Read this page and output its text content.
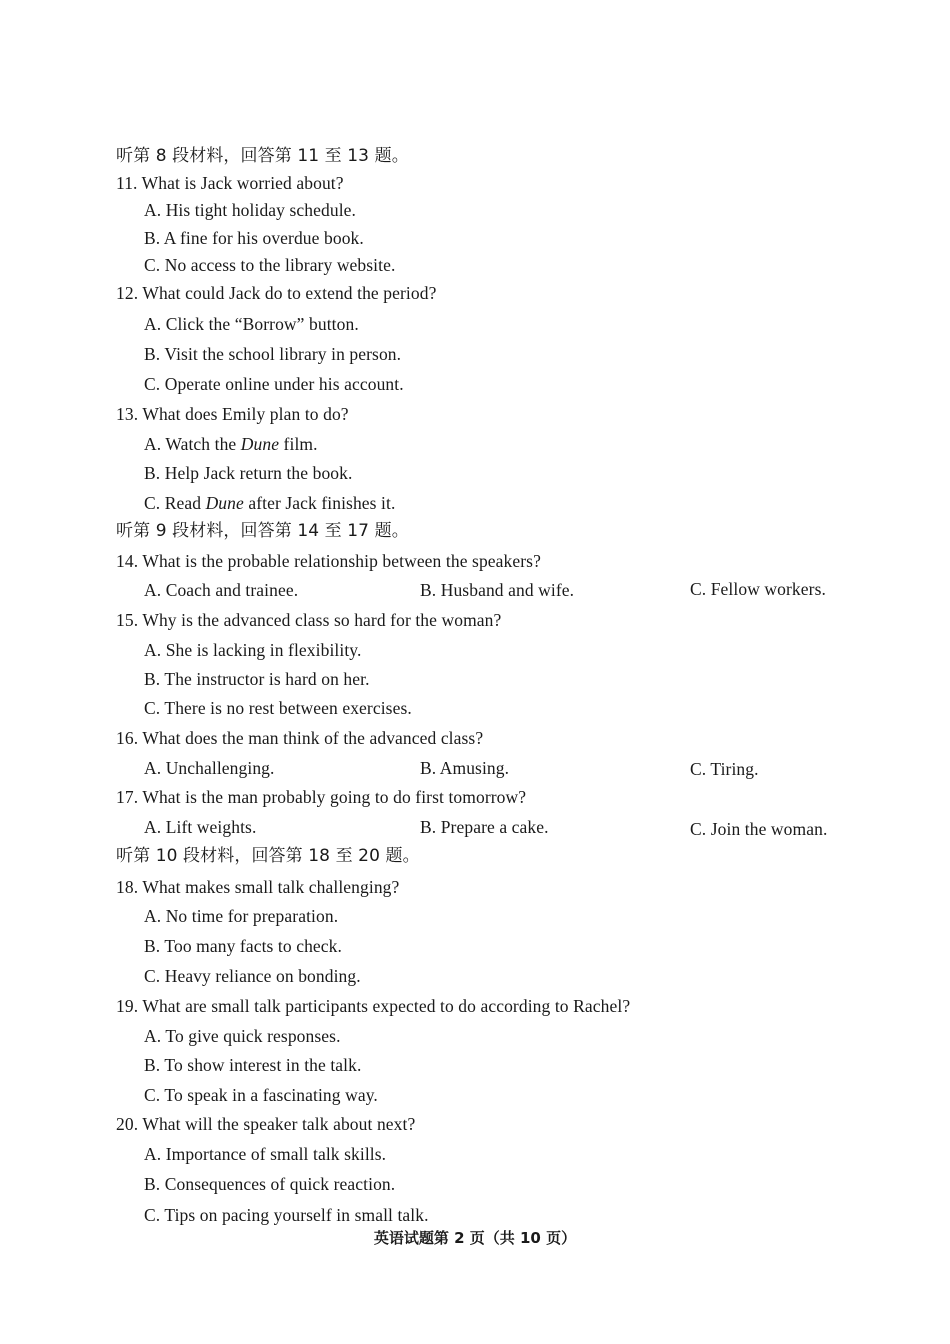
听第 8 段材料，回答第 11 至 13 题。
11. What is Jack worried about?
A. His tight holiday schedule.
B. A fine for his overdue book.
C. No access to the library website.
12. What could Jack do to extend the period?
A. Click the “Borrow” button.
B. Visit the school library in person.
C. Operate online under his account.
13. What does Emily plan to do?
A. Watch the Dune film.
B. Help Jack return the book.
C. Read Dune after Jack finishes it.
听第 9 段材料，回答第 14 至 17 题。
14. What is the probable relationship between the speakers?
A. Coach and trainee.	B. Husband and wife.	C. Fellow workers.
15. Why is the advanced class so hard for the woman?
A. She is lacking in flexibility.
B. The instructor is hard on her.
C. There is no rest between exercises.
16. What does the man think of the advanced class?
A. Unchallenging.	B. Amusing.	C. Tiring.
17. What is the man probably going to do first tomorrow?
A. Lift weights.	B. Prepare a cake.	C. Join the woman.
听第 10 段材料，回答第 18 至 20 题。
18. What makes small talk challenging?
A. No time for preparation.
B. Too many facts to check.
C. Heavy reliance on bonding.
19. What are small talk participants expected to do according to Rachel?
A. To give quick responses.
B. To show interest in the talk.
C. To speak in a fascinating way.
20. What will the speaker talk about next?
A. Importance of small talk skills.
B. Consequences of quick reaction.
C. Tips on pacing yourself in small talk.
英语试题第 2 页（共 10 页）
